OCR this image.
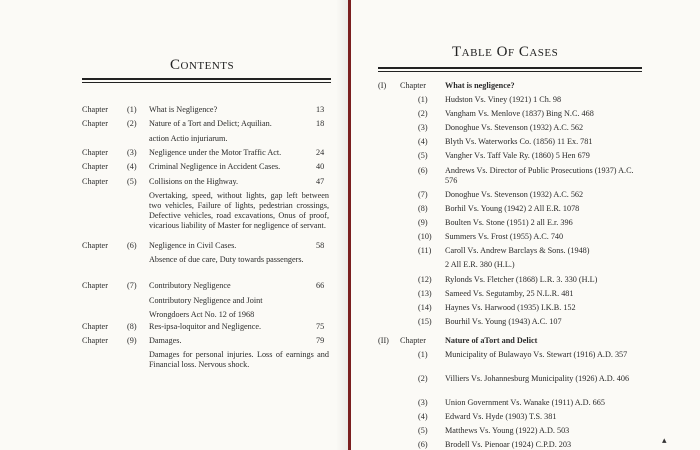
Contents
Chapter (1) What is Negligence?	13
Chapter (2) Nature of a Tort and Delict; Aquilian.	18
action Actio injuriarum.
Chapter (3) Negligence under the Motor Traffic Act.	24
Chapter (4) Criminal Negligence in Accident Cases.	40
Chapter (5) Collisions on the Highway.	47
Overtaking, speed, without lights, gap left between two vehicles, Failure of lights, pedestrian crossings, Defective vehicles, road excavations, Onus of proof, vicarious liability of Master for negligence of servant.
Chapter (6) Negligence in Civil Cases.	58
Absence of due care, Duty towards passengers.
Chapter (7) Contributory Negligence	66
Contributory Negligence and Joint
Wrongdoers Act No. 12 of 1968
Chapter (8) Res-ipsa-loquitor and Negligence.	75
Chapter (9) Damages.	79
Damages for personal injuries. Loss of earnings and Financial loss. Nervous shock.
Table Of Cases
(I) Chapter What is negligence?
(1) Hudston Vs. Viney (1921) 1 Ch. 98
(2) Vangham Vs. Menlove (1837) Bing N.C. 468
(3) Donoghue Vs. Stevenson (1932) A.C. 562
(4) Blyth Vs. Waterworks Co. (1856) 11 Ex. 781
(5) Vangher Vs. Taff Vale Ry. (1860) 5 Hen 679
(6) Andrews Vs. Director of Public Prosecutions (1937) A.C. 576
(7) Donoghue Vs. Stevenson (1932) A.C. 562
(8) Borhil Vs. Young (1942) 2 All E.R. 1078
(9) Boulten Vs. Stone (1951) 2 all E.r. 396
(10) Summers Vs. Frost (1955) A.C. 740
(11) Caroll Vs. Andrew Barclays & Sons. (1948)
2 All E.R. 380 (H.L.)
(12) Rylonds Vs. Fletcher (1868) L.R. 3. 330 (H.L)
(13) Sameed Vs. Segutamby, 25 N.L.R. 481
(14) Haynes Vs. Harwood (1935) I.K.B. 152
(15) Bourhil Vs. Young (1943) A.C. 107
(II) Chapter Nature of aTort and Delict
(1) Municipality of Bulawayo Vs. Stewart (1916) A.D. 357
(2) Villiers Vs. Johannesburg Municipality (1926) A.D. 406
(3) Union Government Vs. Wanake (1911) A.D. 665
(4) Edward Vs. Hyde (1903) T.S. 381
(5) Matthews Vs. Young (1922) A.D. 503
(6) Brodell Vs. Pienoar (1924) C.P.D. 203	▴
